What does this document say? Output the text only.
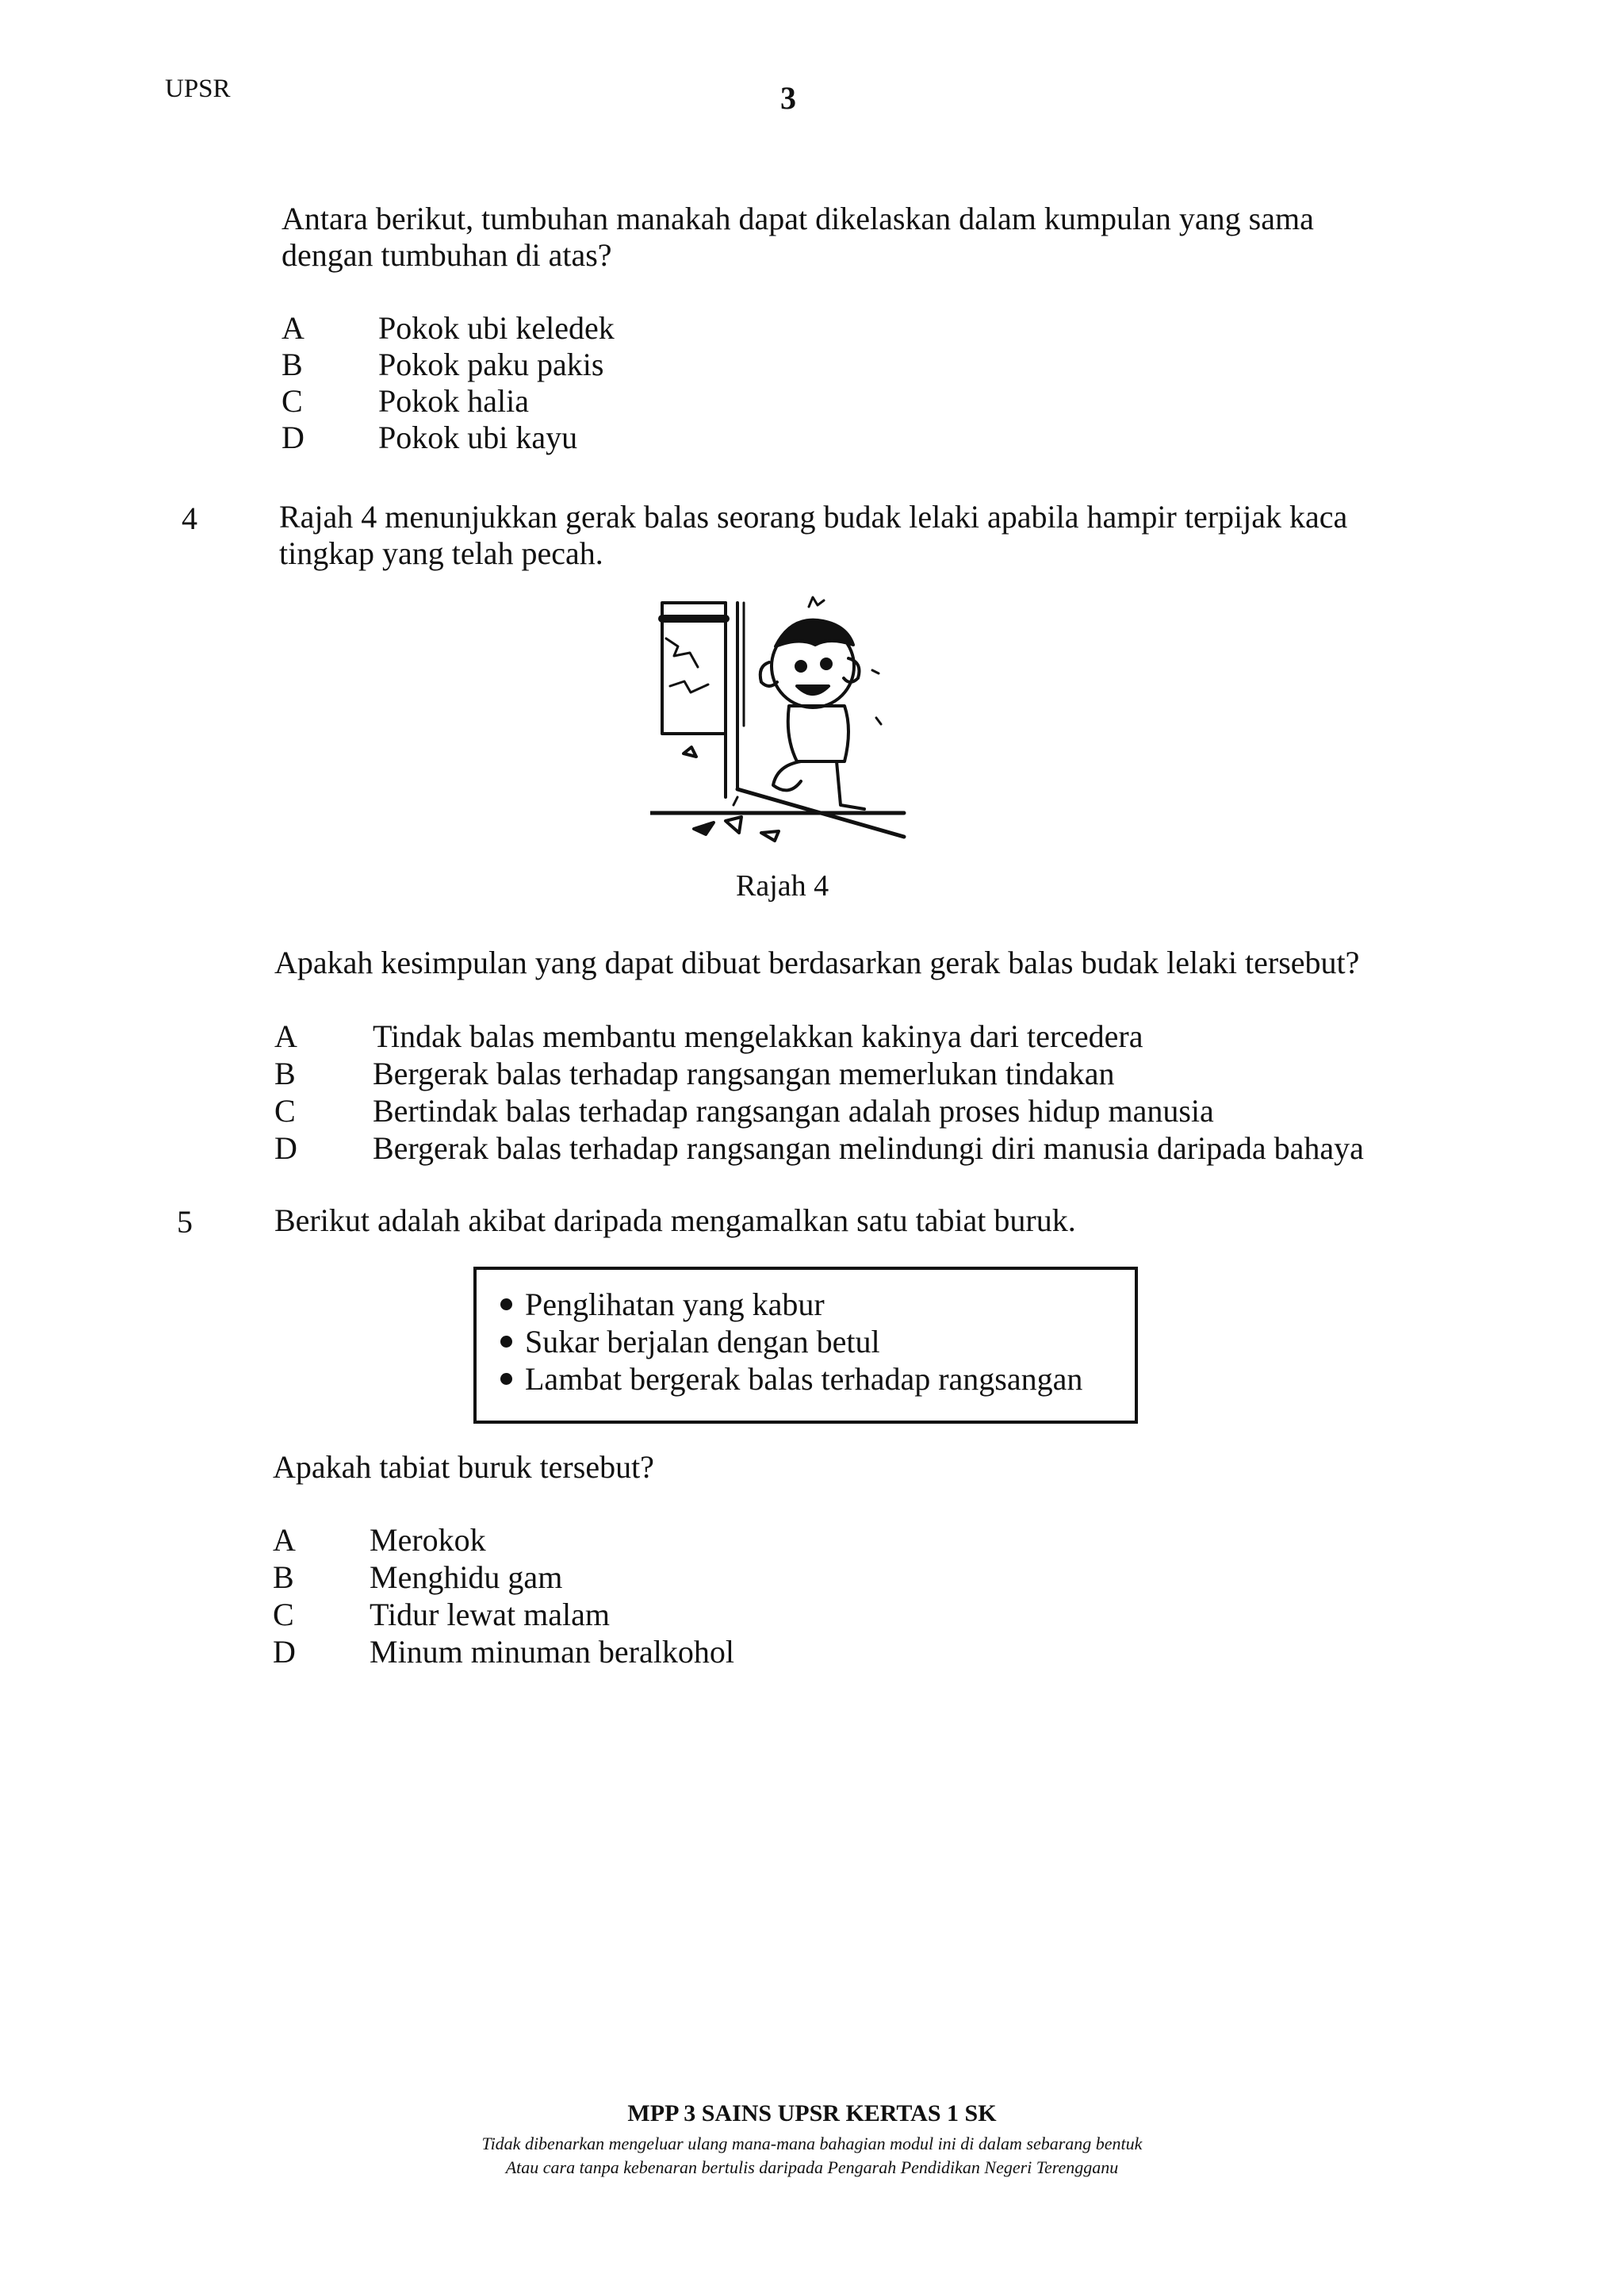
UPSR	3
Antara berikut, tumbuhan manakah dapat dikelaskan dalam kumpulan yang sama
dengan tumbuhan di atas?
A Pokok ubi keledek
B Pokok paku pakis
C Pokok halia
D Pokok ubi kayu
4	Rajah 4 menunjukkan gerak balas seorang budak lelaki apabila hampir terpijak kaca
tingkap yang telah pecah.
Rajah 4
Apakah kesimpulan yang dapat dibuat berdasarkan gerak balas budak lelaki tersebut?
A Tindak balas membantu mengelakkan kakinya dari tercedera
B Bergerak balas terhadap rangsangan memerlukan tindakan
C Bertindak balas terhadap rangsangan adalah proses hidup manusia
D Bergerak balas terhadap rangsangan melindungi diri manusia daripada bahaya
5	Berikut adalah akibat daripada mengamalkan satu tabiat buruk.
Penglihatan yang kabur
Sukar berjalan dengan betul
Lambat bergerak balas terhadap rangsangan
Apakah tabiat buruk tersebut?
A Merokok
B Menghidu gam
C Tidur lewat malam
D Minum minuman beralkohol
MPP 3 SAINS UPSR KERTAS 1 SK
Tidak dibenarkan mengeluar ulang mana-mana bahagian modul ini di dalam sebarang bentuk
Atau cara tanpa kebenaran bertulis daripada Pengarah Pendidikan Negeri Terengganu
